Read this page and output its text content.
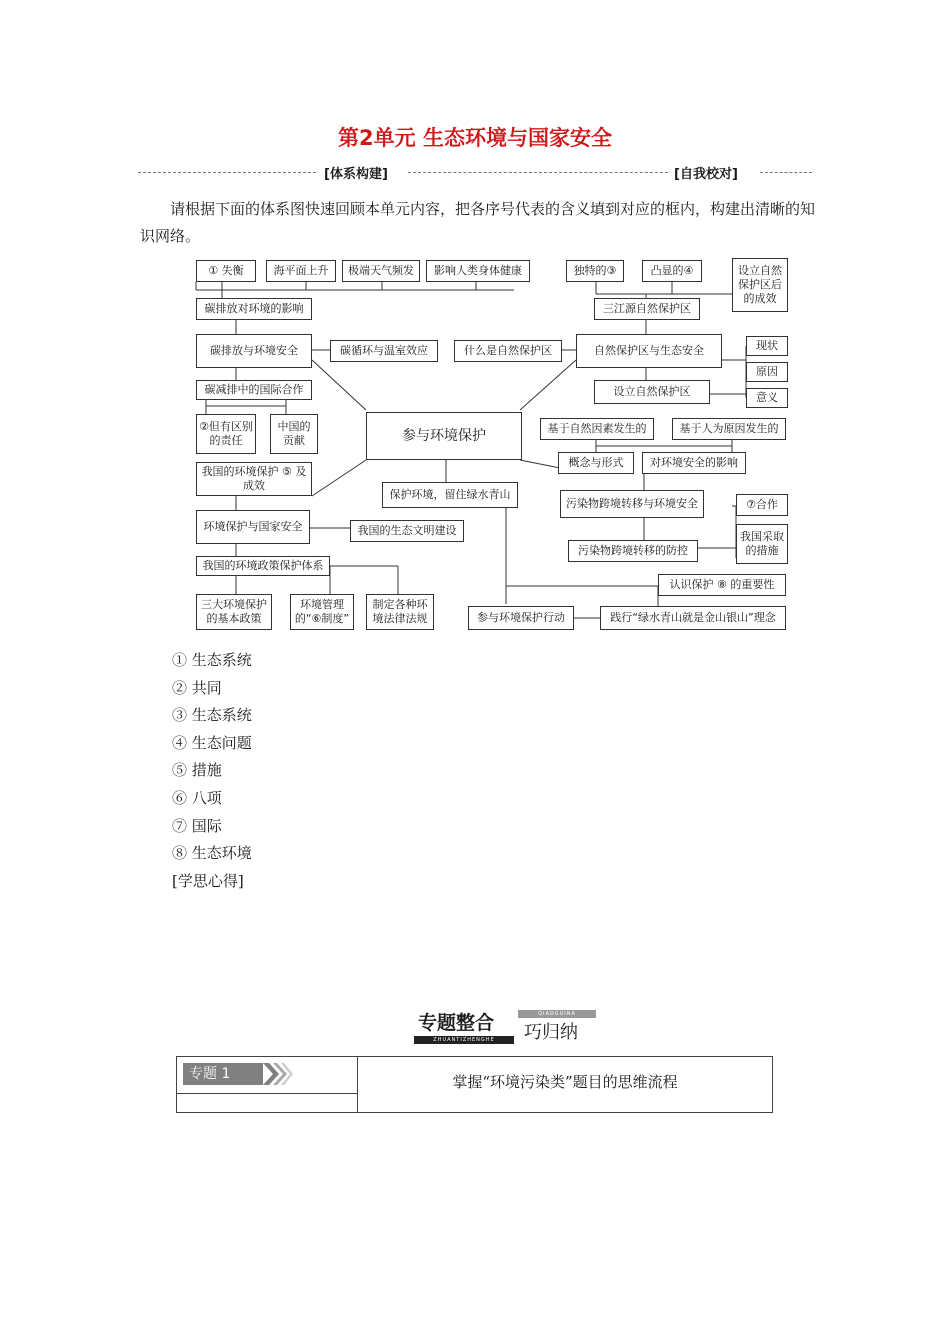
第2单元 生态环境与国家安全
[体系构建]	[自我校对]
请根据下面的体系图快速回顾本单元内容，把各序号代表的含义填到对应的框内，构建出清晰的知识网络。
① 失衡	海平面上升	极端天气频发	影响人类身体健康
碳排放对环境的影响
碳排放与环境安全	碳循环与温室效应
碳减排中的国际合作
②但有区别的责任
中国的贡献	参与环境保护
我国的环境保护 ⑤ 及成效
环境保护与国家安全	我国的生态文明建设
我国的环境政策保护体系
三大环境保护的基本政策
环境管理的“⑥制度”
制定各种环境法律法规
保护环境，留住绿水青山
参与环境保护行动
独特的③	凸显的④	设立自然保护区后的成效
三江源自然保护区
什么是自然保护区	自然保护区与生态安全	现状
原因
意义
设立自然保护区
基于自然因素发生的	基于人为原因发生的
概念与形式	对环境安全的影响
污染物跨境转移与环境安全	⑦合作
污染物跨境转移的防控
我国采取的措施
认识保护 ⑧ 的重要性
践行“绿水青山就是金山银山”理念
① 生态系统
② 共同
③ 生态系统
④ 生态问题
⑤ 措施
⑥ 八项
⑦ 国际
⑧ 生态环境
[学思心得]
QIAOGUINA
专题整合 巧归纳
ZHUANTIZHENGHE
专题 1	掌握“环境污染类”题目的思维流程
